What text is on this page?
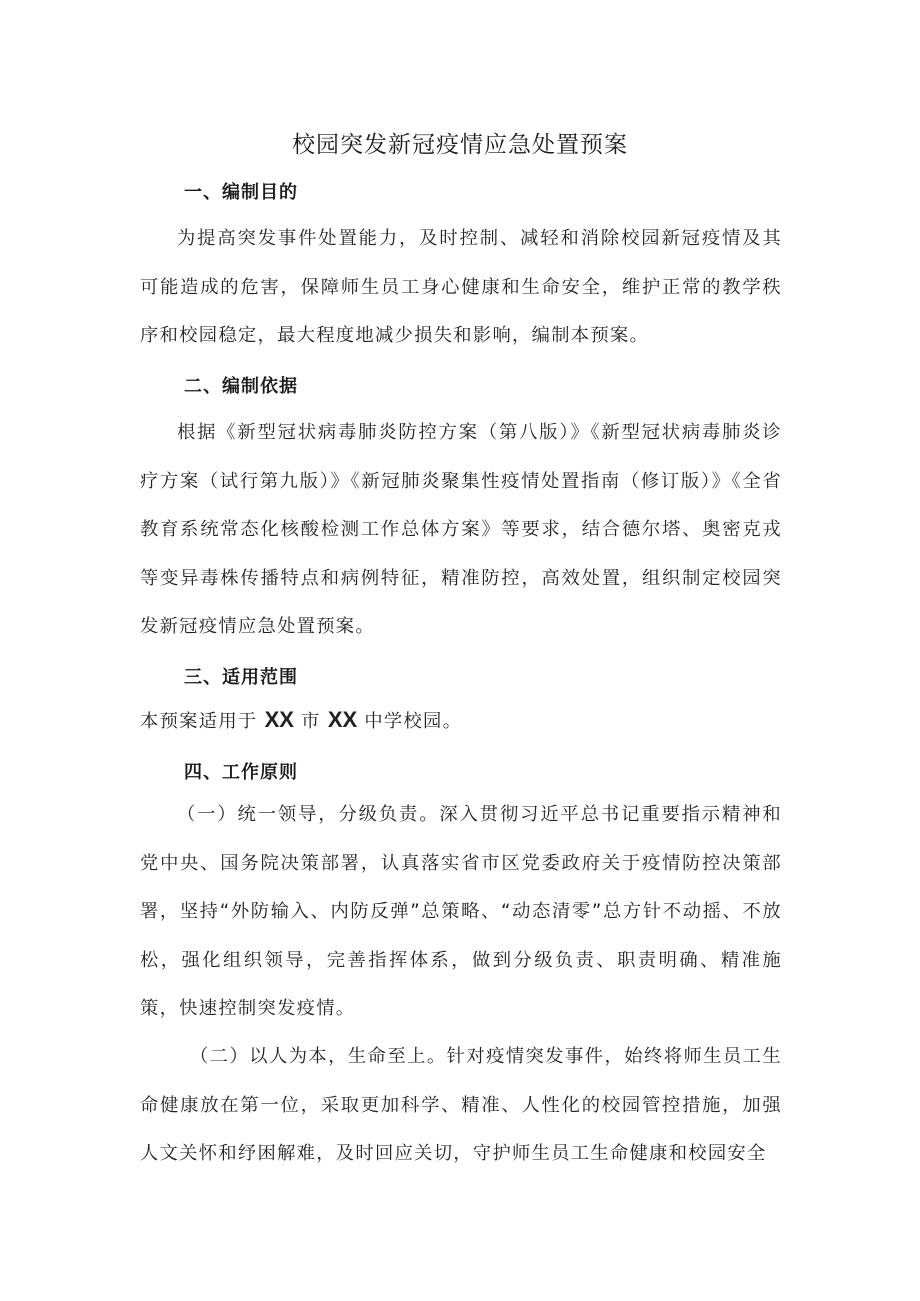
校园突发新冠疫情应急处置预案
一、编制目的
为提高突发事件处置能力，及时控制、减轻和消除校园新冠疫情及其可能造成的危害，保障师生员工身心健康和生命安全，维护正常的教学秩序和校园稳定，最大程度地减少损失和影响，编制本预案。
二、编制依据
根据《新型冠状病毒肺炎防控方案（第八版）》《新型冠状病毒肺炎诊疗方案（试行第九版）》《新冠肺炎聚集性疫情处置指南（修订版）》《全省教育系统常态化核酸检测工作总体方案》等要求，结合德尔塔、奥密克戎等变异毒株传播特点和病例特征，精准防控，高效处置，组织制定校园突发新冠疫情应急处置预案。
三、适用范围
本预案适用于 XX 市 XX 中学校园。
四、工作原则
（一）统一领导，分级负责。深入贯彻习近平总书记重要指示精神和党中央、国务院决策部署，认真落实省市区党委政府关于疫情防控决策部署，坚持“外防输入、内防反弹”总策略、“动态清零”总方针不动摇、不放松，强化组织领导，完善指挥体系，做到分级负责、职责明确、精准施策，快速控制突发疫情。
（二）以人为本，生命至上。针对疫情突发事件，始终将师生员工生命健康放在第一位，采取更加科学、精准、人性化的校园管控措施，加强人文关怀和纾困解难，及时回应关切，守护师生员工生命健康和校园安全
